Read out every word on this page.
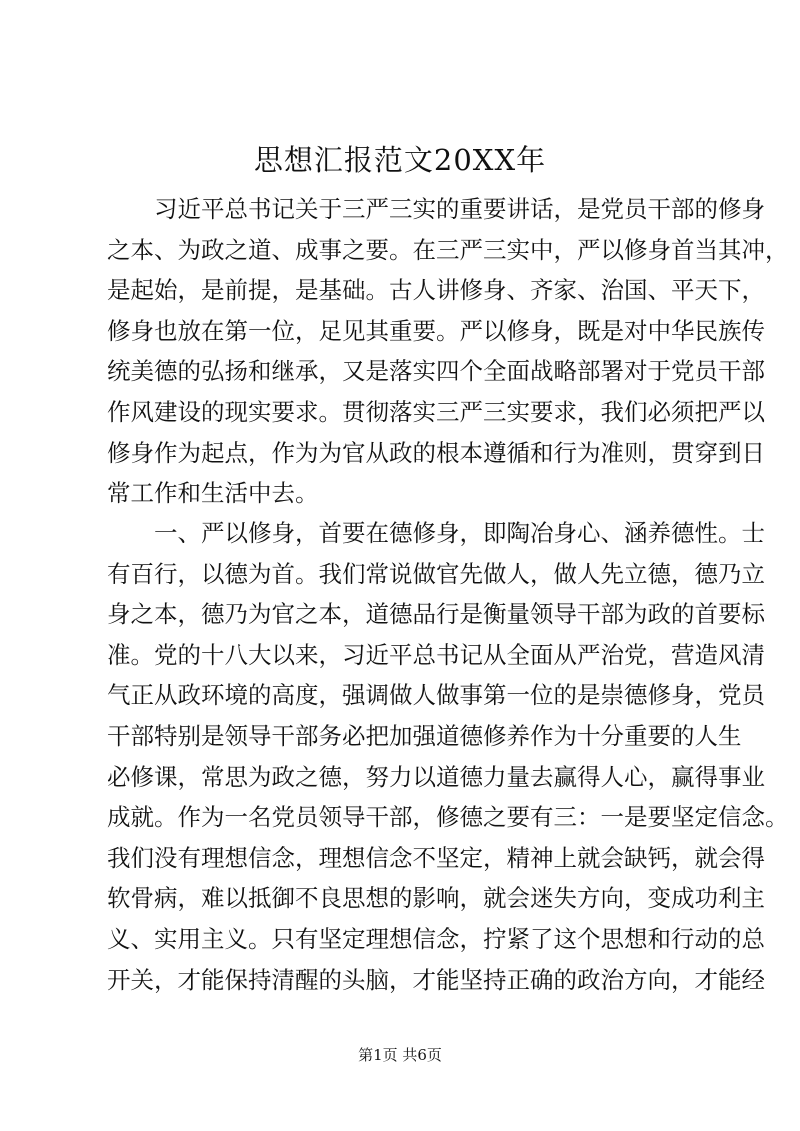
思想汇报范文20XX年
习近平总书记关于三严三实的重要讲话，是党员干部的修身
之本、为政之道、成事之要。在三严三实中，严以修身首当其冲，
是起始，是前提，是基础。古人讲修身、齐家、治国、平天下，
修身也放在第一位，足见其重要。严以修身，既是对中华民族传
统美德的弘扬和继承，又是落实四个全面战略部署对于党员干部
作风建设的现实要求。贯彻落实三严三实要求，我们必须把严以
修身作为起点，作为为官从政的根本遵循和行为准则，贯穿到日
常工作和生活中去。
一、严以修身，首要在德修身，即陶冶身心、涵养德性。士
有百行，以德为首。我们常说做官先做人，做人先立德，德乃立
身之本，德乃为官之本，道德品行是衡量领导干部为政的首要标
准。党的十八大以来，习近平总书记从全面从严治党，营造风清
气正从政环境的高度，强调做人做事第一位的是崇德修身，党员
干部特别是领导干部务必把加强道德修养作为十分重要的人生
必修课，常思为政之德，努力以道德力量去赢得人心，赢得事业
成就。作为一名党员领导干部，修德之要有三：一是要坚定信念。
我们没有理想信念，理想信念不坚定，精神上就会缺钙，就会得
软骨病，难以抵御不良思想的影响，就会迷失方向，变成功利主
义、实用主义。只有坚定理想信念，拧紧了这个思想和行动的总
开关，才能保持清醒的头脑，才能坚持正确的政治方向，才能经
第1页 共6页
